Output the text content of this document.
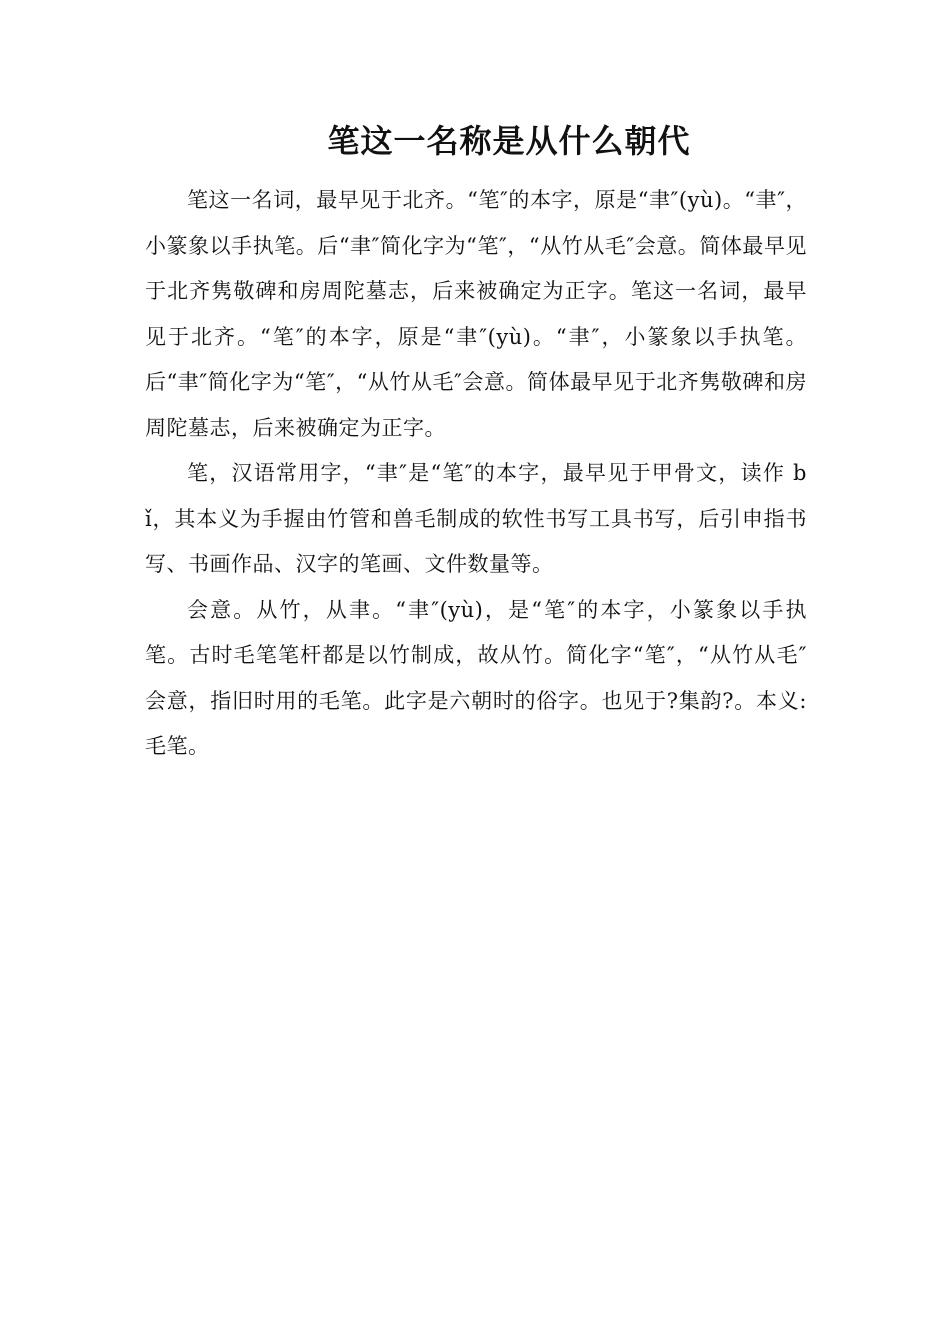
笔这一名称是从什么朝代

笔这一名词，最早见于北齐。“笔″的本字，原是“聿″(yù)。“聿″，小篆象以手执笔。后“聿″简化字为“笔″，“从竹从毛″会意。简体最早见于北齐隽敬碑和房周陀墓志，后来被确定为正字。笔这一名词，最早见于北齐。“笔″的本字，原是“聿″(yù)。“聿″，小篆象以手执笔。后“聿″简化字为“笔″，“从竹从毛″会意。简体最早见于北齐隽敬碑和房周陀墓志，后来被确定为正字。

笔，汉语常用字，“聿″是“笔″的本字，最早见于甲骨文，读作 bǐ，其本义为手握由竹管和兽毛制成的软性书写工具书写，后引申指书写、书画作品、汉字的笔画、文件数量等。

会意。从竹，从聿。“聿″(yù)，是“笔″的本字，小篆象以手执笔。古时毛笔笔杆都是以竹制成，故从竹。简化字“笔″，“从竹从毛″会意，指旧时用的毛笔。此字是六朝时的俗字。也见于?集韵?。本义:毛笔。
